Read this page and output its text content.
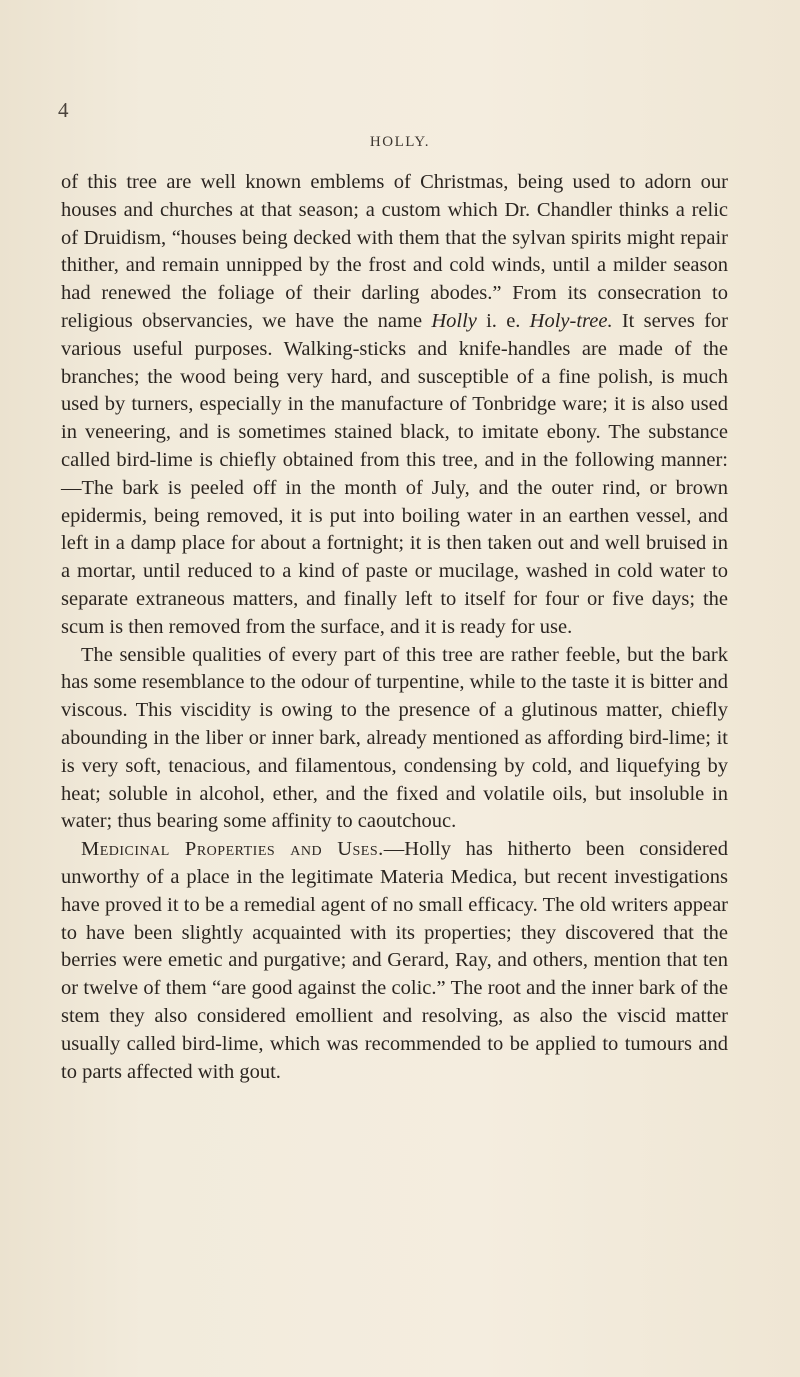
4
HOLLY.

of this tree are well known emblems of Christmas, being used to adorn our houses and churches at that season; a custom which Dr. Chandler thinks a relic of Druidism, “houses being decked with them that the sylvan spirits might repair thither, and remain unnipped by the frost and cold winds, until a milder season had renewed the foliage of their darling abodes.” From its consecration to religious observancies, we have the name Holly i. e. Holy-tree. It serves for various useful purposes. Walking-sticks and knife-handles are made of the branches; the wood being very hard, and susceptible of a fine polish, is much used by turners, especially in the manufacture of Tonbridge ware; it is also used in veneering, and is sometimes stained black, to imitate ebony. The substance called bird-lime is chiefly obtained from this tree, and in the following manner:—The bark is peeled off in the month of July, and the outer rind, or brown epidermis, being removed, it is put into boiling water in an earthen vessel, and left in a damp place for about a fortnight; it is then taken out and well bruised in a mortar, until reduced to a kind of paste or mucilage, washed in cold water to separate extraneous matters, and finally left to itself for four or five days; the scum is then removed from the surface, and it is ready for use.

The sensible qualities of every part of this tree are rather feeble, but the bark has some resemblance to the odour of turpentine, while to the taste it is bitter and viscous. This viscidity is owing to the presence of a glutinous matter, chiefly abounding in the liber or inner bark, already mentioned as affording bird-lime; it is very soft, tenacious, and filamentous, condensing by cold, and liquefying by heat; soluble in alcohol, ether, and the fixed and volatile oils, but insoluble in water; thus bearing some affinity to caoutchouc.

Medicinal Properties and Uses.—Holly has hitherto been considered unworthy of a place in the legitimate Materia Medica, but recent investigations have proved it to be a remedial agent of no small efficacy. The old writers appear to have been slightly acquainted with its properties; they discovered that the berries were emetic and purgative; and Gerard, Ray, and others, mention that ten or twelve of them “are good against the colic.” The root and the inner bark of the stem they also considered emollient and resolving, as also the viscid matter usually called bird-lime, which was recommended to be applied to tumours and to parts affected with gout.
